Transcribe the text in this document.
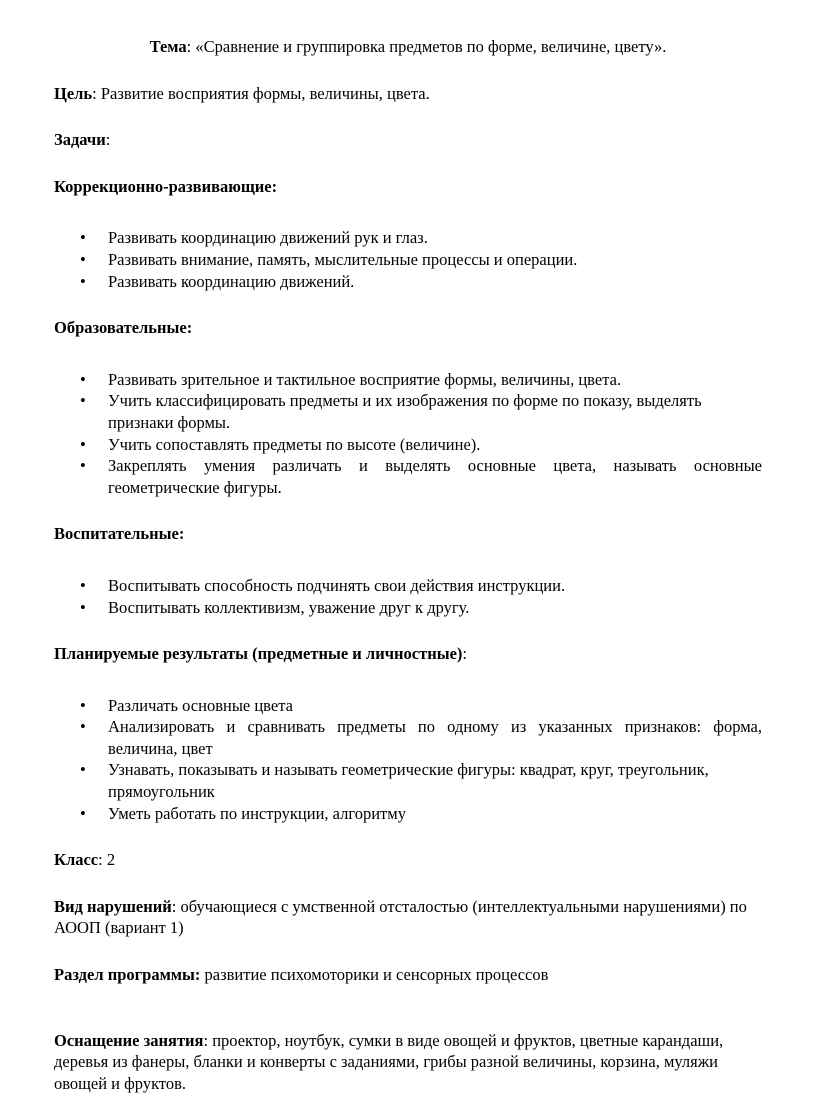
Тема: «Сравнение и группировка предметов по форме, величине, цвету».

Цель: Развитие восприятия формы, величины, цвета.

Задачи:

Коррекционно-развивающие:

• Развивать координацию движений рук и глаз.
• Развивать внимание, память, мыслительные процессы и операции.
• Развивать координацию движений.

Образовательные:

• Развивать зрительное и тактильное восприятие формы, величины, цвета.
• Учить классифицировать предметы и их изображения по форме по показу, выделять признаки формы.
• Учить сопоставлять предметы по высоте (величине).
• Закреплять умения различать и выделять основные цвета, называть основные геометрические фигуры.

Воспитательные:

• Воспитывать способность подчинять свои действия инструкции.
• Воспитывать коллективизм, уважение друг к другу.

Планируемые результаты (предметные и личностные):

• Различать основные цвета
• Анализировать и сравнивать предметы по одному из указанных признаков: форма, величина, цвет
• Узнавать, показывать и называть геометрические фигуры: квадрат, круг, треугольник, прямоугольник
• Уметь работать по инструкции, алгоритму

Класс: 2

Вид нарушений: обучающиеся с умственной отсталостью (интеллектуальными нарушениями) по АООП (вариант 1)

Раздел программы: развитие психомоторики и сенсорных процессов

Оснащение занятия: проектор, ноутбук, сумки в виде овощей и фруктов, цветные карандаши, деревья из фанеры, бланки и конверты с заданиями, грибы разной величины, корзина, муляжи овощей и фруктов.
